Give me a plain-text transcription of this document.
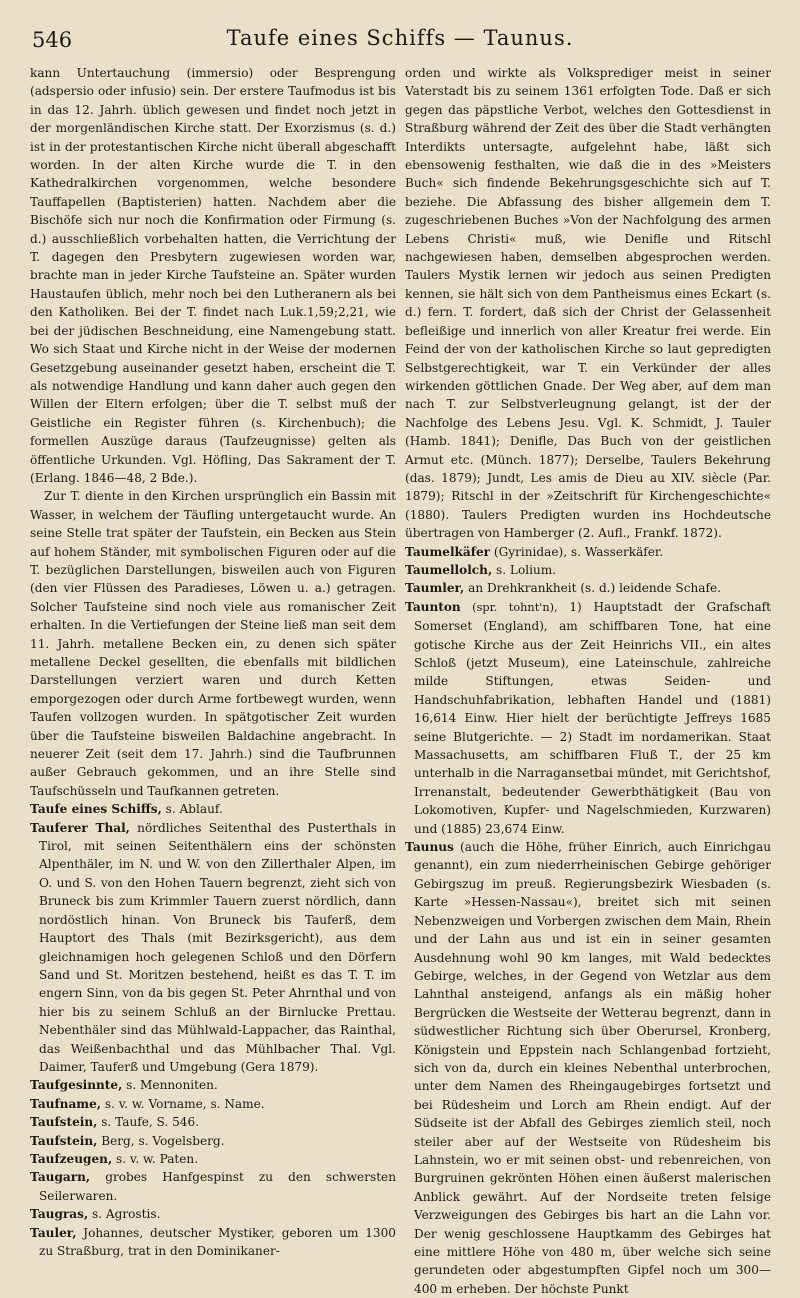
546	Taufe eines Schiffs — Taunus.

kann Untertauchung (immersio) oder Besprengung (adspersio oder infusio) sein. Der erstere Taufmodus ist bis in das 12. Jahrh. üblich gewesen und findet noch jetzt in der morgenländischen Kirche statt. Der Exorzismus (s. d.) ist in der protestantischen Kirche nicht überall abgeschafft worden. In der alten Kirche wurde die T. in den Kathedralkirchen vorgenommen, welche besondere Tauffapellen (Baptisterien) hatten. Nachdem aber die Bischöfe sich nur noch die Konfirmation oder Firmung (s. d.) ausschließlich vorbehalten hatten, die Verrichtung der T. dagegen den Presbytern zugewiesen worden war, brachte man in jeder Kirche Taufsteine an. Später wurden Haustaufen üblich, mehr noch bei den Lutheranern als bei den Katholiken. Bei der T. findet nach Luk.1,59;2,21, wie bei der jüdischen Beschneidung, eine Namengebung statt. Wo sich Staat und Kirche nicht in der Weise der modernen Gesetzgebung auseinander gesetzt haben, erscheint die T. als notwendige Handlung und kann daher auch gegen den Willen der Eltern erfolgen; über die T. selbst muß der Geistliche ein Register führen (s. Kirchenbuch); die formellen Auszüge daraus (Taufzeugnisse) gelten als öffentliche Urkunden. Vgl. Höfling, Das Sakrament der T. (Erlang. 1846—48, 2 Bde.).

Zur T. diente in den Kirchen ursprünglich ein Bassin mit Wasser, in welchem der Täufling untergetaucht wurde. An seine Stelle trat später der Taufstein, ein Becken aus Stein auf hohem Ständer, mit symbolischen Figuren oder auf die T. bezüglichen Darstellungen, bisweilen auch von Figuren (den vier Flüssen des Paradieses, Löwen u. a.) getragen. Solcher Taufsteine sind noch viele aus romanischer Zeit erhalten. In die Vertiefungen der Steine ließ man seit dem 11. Jahrh. metallene Becken ein, zu denen sich später metallene Deckel gesellten, die ebenfalls mit bildlichen Darstellungen verziert waren und durch Ketten emporgezogen oder durch Arme fortbewegt wurden, wenn Taufen vollzogen wurden. In spätgotischer Zeit wurden über die Taufsteine bisweilen Baldachine angebracht. In neuerer Zeit (seit dem 17. Jahrh.) sind die Taufbrunnen außer Gebrauch gekommen, und an ihre Stelle sind Taufschüsseln und Taufkannen getreten.

Taufe eines Schiffs, s. Ablauf.

Tauferer Thal, nördliches Seitenthal des Pusterthals in Tirol, mit seinen Seitenthälern eins der schönsten Alpenthäler, im N. und W. von den Zillerthaler Alpen, im O. und S. von den Hohen Tauern begrenzt, zieht sich von Bruneck bis zum Krimmler Tauern zuerst nördlich, dann nordöstlich hinan. Von Bruneck bis Tauferß, dem Hauptort des Thals (mit Bezirksgericht), aus dem gleichnamigen hoch gelegenen Schloß und den Dörfern Sand und St. Moritzen bestehend, heißt es das T. T. im engern Sinn, von da bis gegen St. Peter Ahrnthal und von hier bis zu seinem Schluß an der Birnlucke Prettau. Nebenthäler sind das Mühlwald-Lappacher, das Rainthal, das Weißenbachthal und das Mühlbacher Thal. Vgl. Daimer, Tauferß und Umgebung (Gera 1879).

Taufgesinnte, s. Mennoniten.

Taufname, s. v. w. Vorname, s. Name.

Taufstein, s. Taufe, S. 546.

Taufstein, Berg, s. Vogelsberg.

Taufzeugen, s. v. w. Paten.

Taugarn, grobes Hanfgespinst zu den schwersten Seilerwaren.

Taugras, s. Agrostis.

Tauler, Johannes, deutscher Mystiker, geboren um 1300 zu Straßburg, trat in den Dominikaner-

orden und wirkte als Volksprediger meist in seiner Vaterstadt bis zu seinem 1361 erfolgten Tode. Daß er sich gegen das päpstliche Verbot, welches den Gottesdienst in Straßburg während der Zeit des über die Stadt verhängten Interdikts untersagte, aufgelehnt habe, läßt sich ebensowenig festhalten, wie daß die in des »Meisters Buch« sich findende Bekehrungsgeschichte sich auf T. beziehe. Die Abfassung des bisher allgemein dem T. zugeschriebenen Buches »Von der Nachfolgung des armen Lebens Christi« muß, wie Denifle und Ritschl nachgewiesen haben, demselben abgesprochen werden. Taulers Mystik lernen wir jedoch aus seinen Predigten kennen, sie hält sich von dem Pantheismus eines Eckart (s. d.) fern. T. fordert, daß sich der Christ der Gelassenheit befleißige und innerlich von aller Kreatur frei werde. Ein Feind der von der katholischen Kirche so laut gepredigten Selbstgerechtigkeit, war T. ein Verkünder der alles wirkenden göttlichen Gnade. Der Weg aber, auf dem man nach T. zur Selbstverleugnung gelangt, ist der der Nachfolge des Lebens Jesu. Vgl. K. Schmidt, J. Tauler (Hamb. 1841); Denifle, Das Buch von der geistlichen Armut etc. (Münch. 1877); Derselbe, Taulers Bekehrung (das. 1879); Jundt, Les amis de Dieu au XIV. siècle (Par. 1879); Ritschl in der »Zeitschrift für Kirchengeschichte« (1880). Taulers Predigten wurden ins Hochdeutsche übertragen von Hamberger (2. Aufl., Frankf. 1872).

Taumelkäfer (Gyrinidae), s. Wasserkäfer.

Taumellolch, s. Lolium.

Taumler, an Drehkrankheit (s. d.) leidende Schafe.

Taunton (spr. tohnt'n), 1) Hauptstadt der Grafschaft Somerset (England), am schiffbaren Tone, hat eine gotische Kirche aus der Zeit Heinrichs VII., ein altes Schloß (jetzt Museum), eine Lateinschule, zahlreiche milde Stiftungen, etwas Seiden- und Handschuhfabrikation, lebhaften Handel und (1881) 16,614 Einw. Hier hielt der berüchtigte Jeffreys 1685 seine Blutgerichte. — 2) Stadt im nordamerikan. Staat Massachusetts, am schiffbaren Fluß T., der 25 km unterhalb in die Narragansetbai mündet, mit Gerichtshof, Irrenanstalt, bedeutender Gewerbthätigkeit (Bau von Lokomotiven, Kupfer- und Nagelschmieden, Kurzwaren) und (1885) 23,674 Einw.

Taunus (auch die Höhe, früher Einrich, auch Einrichgau genannt), ein zum niederrheinischen Gebirge gehöriger Gebirgszug im preuß. Regierungsbezirk Wiesbaden (s. Karte »Hessen-Nassau«), breitet sich mit seinen Nebenzweigen und Vorbergen zwischen dem Main, Rhein und der Lahn aus und ist ein in seiner gesamten Ausdehnung wohl 90 km langes, mit Wald bedecktes Gebirge, welches, in der Gegend von Wetzlar aus dem Lahnthal ansteigend, anfangs als ein mäßig hoher Bergrücken die Westseite der Wetterau begrenzt, dann in südwestlicher Richtung sich über Oberursel, Kronberg, Königstein und Eppstein nach Schlangenbad fortzieht, sich von da, durch ein kleines Nebenthal unterbrochen, unter dem Namen des Rheingaugebirges fortsetzt und bei Rüdesheim und Lorch am Rhein endigt. Auf der Südseite ist der Abfall des Gebirges ziemlich steil, noch steiler aber auf der Westseite von Rüdesheim bis Lahnstein, wo er mit seinen obst- und rebenreichen, von Burgruinen gekrönten Höhen einen äußerst malerischen Anblick gewährt. Auf der Nordseite treten felsige Verzweigungen des Gebirges bis hart an die Lahn vor. Der wenig geschlossene Hauptkamm des Gebirges hat eine mittlere Höhe von 480 m, über welche sich seine gerundeten oder abgestumpften Gipfel noch um 300—400 m erheben. Der höchste Punkt
